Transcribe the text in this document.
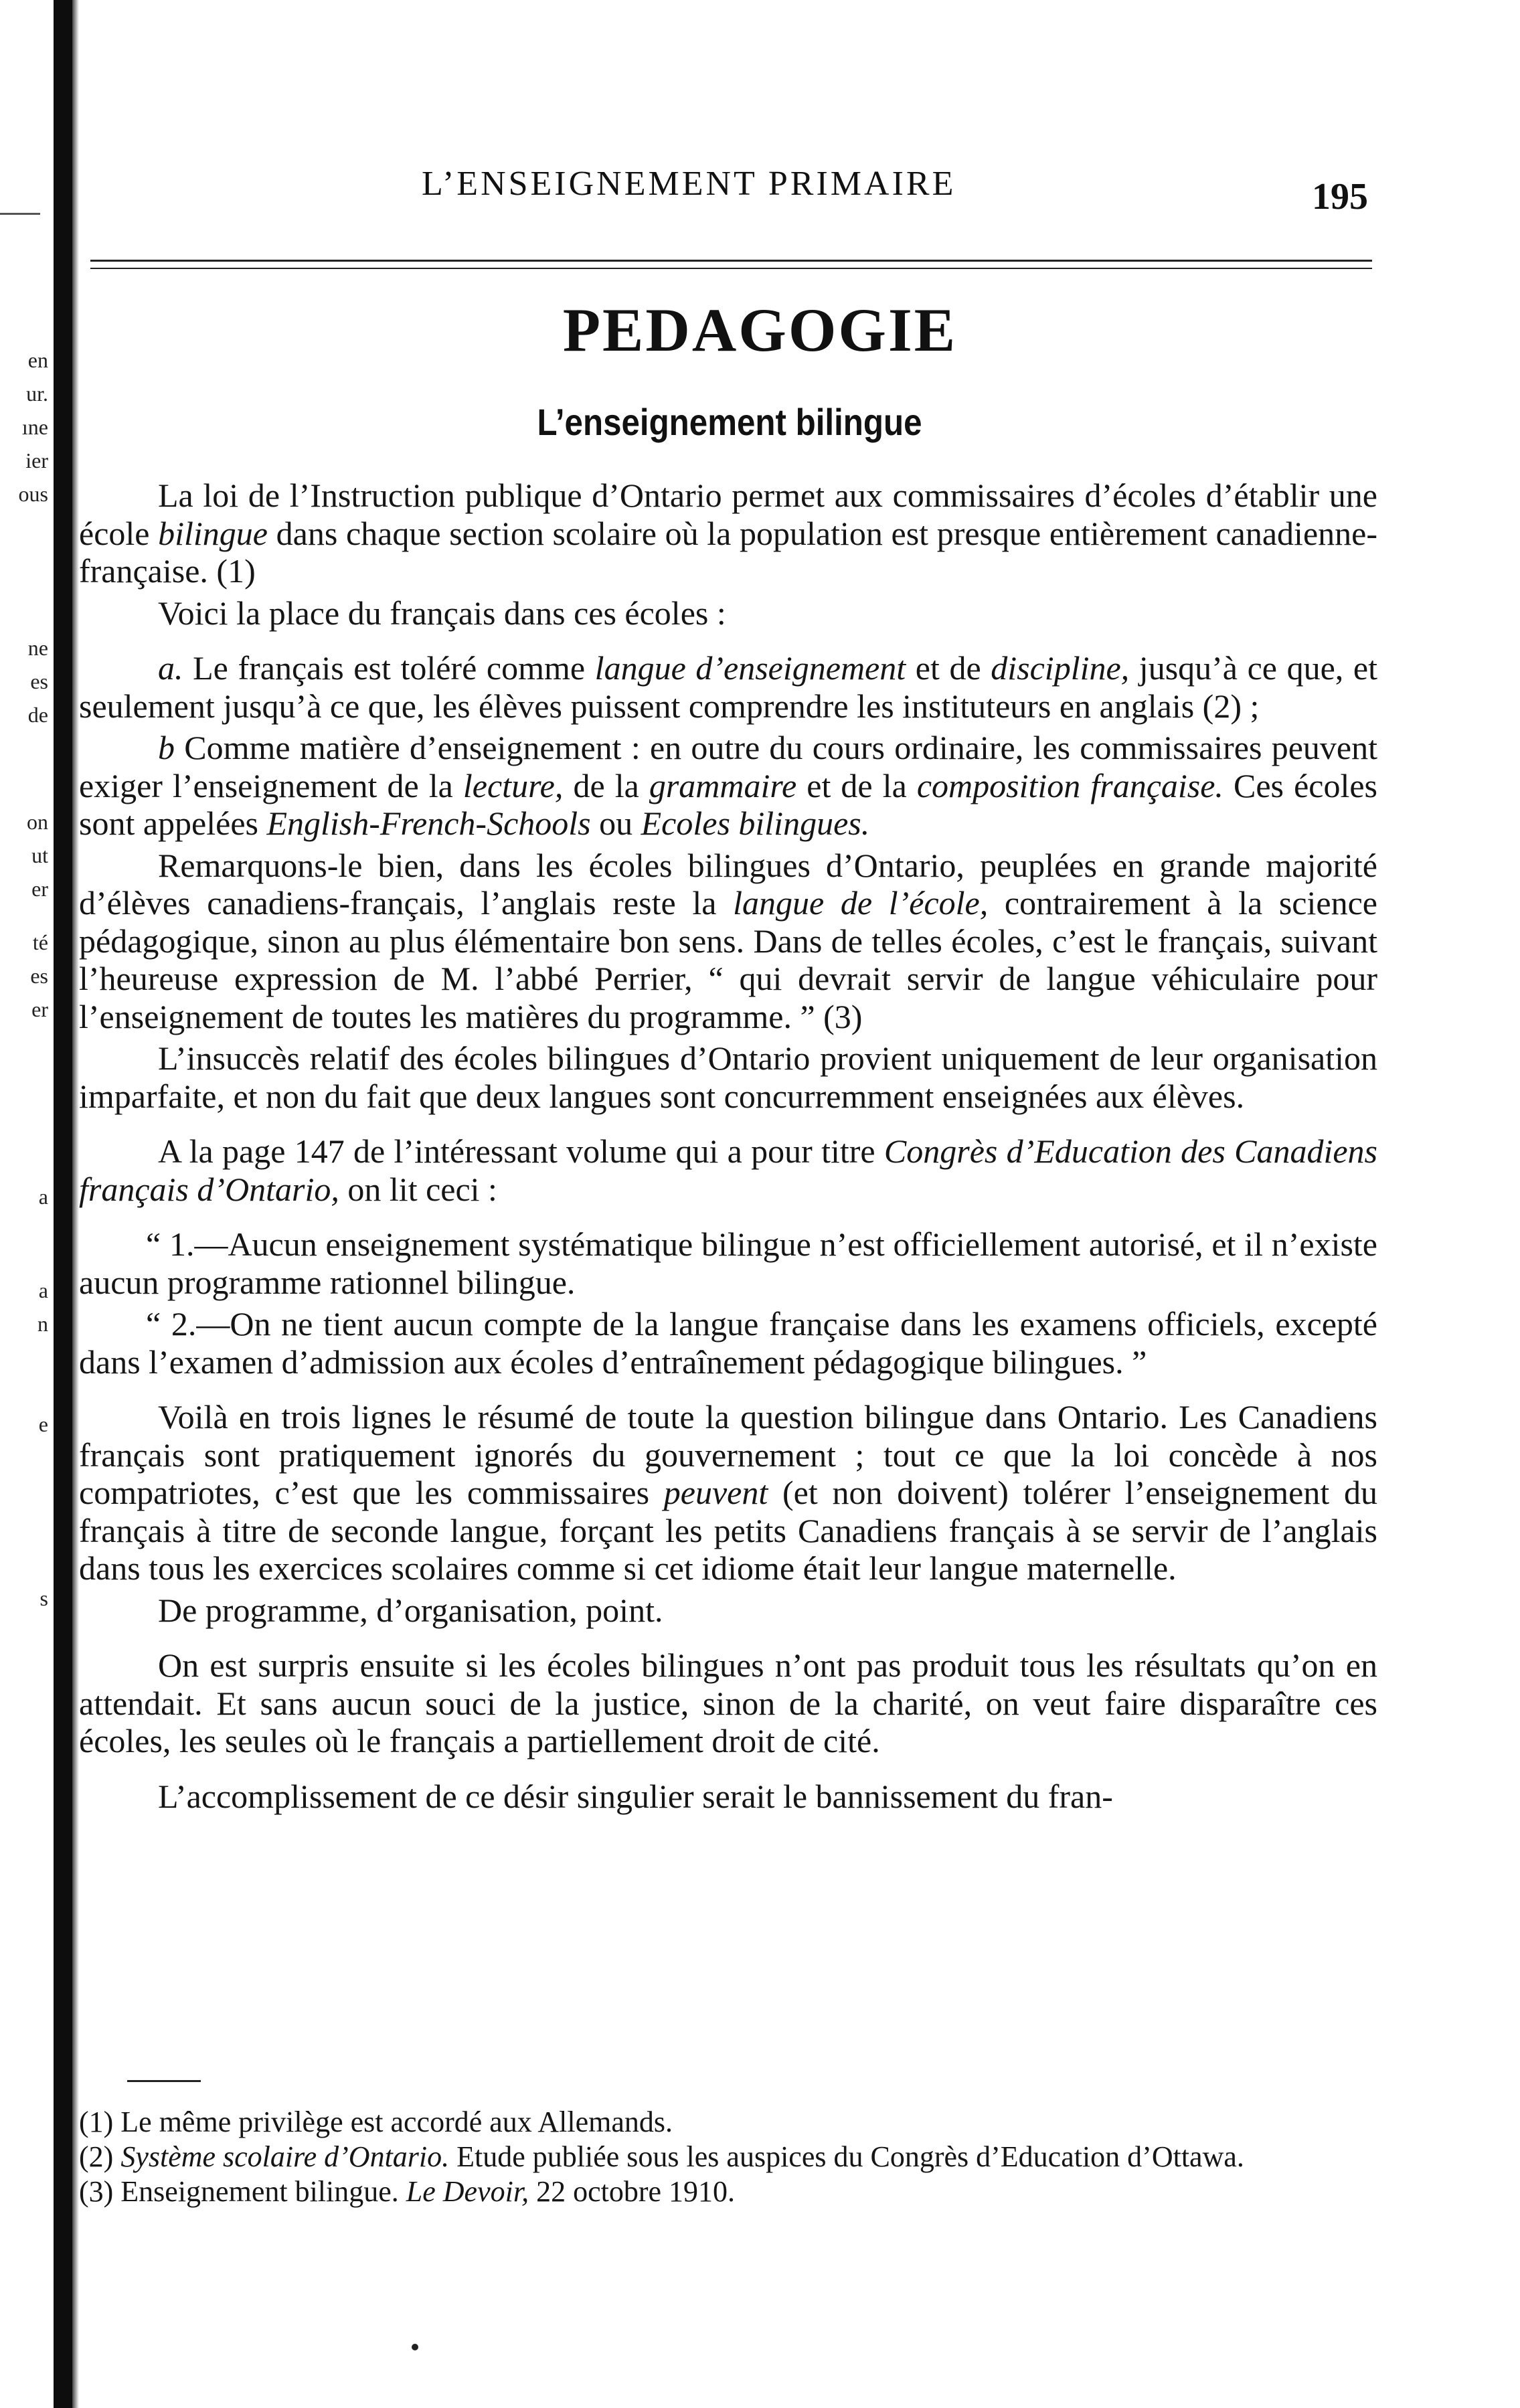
en
ur.
ıne
ier
ous
ne
es
de
on
ut
er
té
es
er
a
a
n
e
s
L’ENSEIGNEMENT PRIMAIRE	195
PEDAGOGIE
L’enseignement bilingue

La loi de l’Instruction publique d’Ontario permet aux commissaires d’écoles d’établir une école bilingue dans chaque section scolaire où la population est presque entièrement canadienne-française. (1)

Voici la place du français dans ces écoles :

a. Le français est toléré comme langue d’enseignement et de discipline, jusqu’à ce que, et seulement jusqu’à ce que, les élèves puissent comprendre les instituteurs en anglais (2) ;

b Comme matière d’enseignement : en outre du cours ordinaire, les commissaires peuvent exiger l’enseignement de la lecture, de la grammaire et de la composition française. Ces écoles sont appelées English-French-Schools ou Ecoles bilingues.

Remarquons-le bien, dans les écoles bilingues d’Ontario, peuplées en grande majorité d’élèves canadiens-français, l’anglais reste la langue de l’école, contrairement à la science pédagogique, sinon au plus élémentaire bon sens. Dans de telles écoles, c’est le français, suivant l’heureuse expression de M. l’abbé Perrier, “ qui devrait servir de langue véhiculaire pour l’enseignement de toutes les matières du programme. ” (3)

L’insuccès relatif des écoles bilingues d’Ontario provient uniquement de leur organisation imparfaite, et non du fait que deux langues sont concurremment enseignées aux élèves.

A la page 147 de l’intéressant volume qui a pour titre Congrès d’Education des Canadiens français d’Ontario, on lit ceci :

“ 1.—Aucun enseignement systématique bilingue n’est officiellement autorisé, et il n’existe aucun programme rationnel bilingue.

“ 2.—On ne tient aucun compte de la langue française dans les examens officiels, excepté dans l’examen d’admission aux écoles d’entraînement pédagogique bilingues. ”

Voilà en trois lignes le résumé de toute la question bilingue dans Ontario. Les Canadiens français sont pratiquement ignorés du gouvernement ; tout ce que la loi concède à nos compatriotes, c’est que les commissaires peuvent (et non doivent) tolérer l’enseignement du français à titre de seconde langue, forçant les petits Canadiens français à se servir de l’anglais dans tous les exercices scolaires comme si cet idiome était leur langue maternelle.

De programme, d’organisation, point.

On est surpris ensuite si les écoles bilingues n’ont pas produit tous les résultats qu’on en attendait. Et sans aucun souci de la justice, sinon de la charité, on veut faire disparaître ces écoles, les seules où le français a partiellement droit de cité.

L’accomplissement de ce désir singulier serait le bannissement du fran-

(1) Le même privilège est accordé aux Allemands.
(2) Système scolaire d’Ontario. Etude publiée sous les auspices du Congrès d’Education d’Ottawa.
(3) Enseignement bilingue. Le Devoir, 22 octobre 1910.
